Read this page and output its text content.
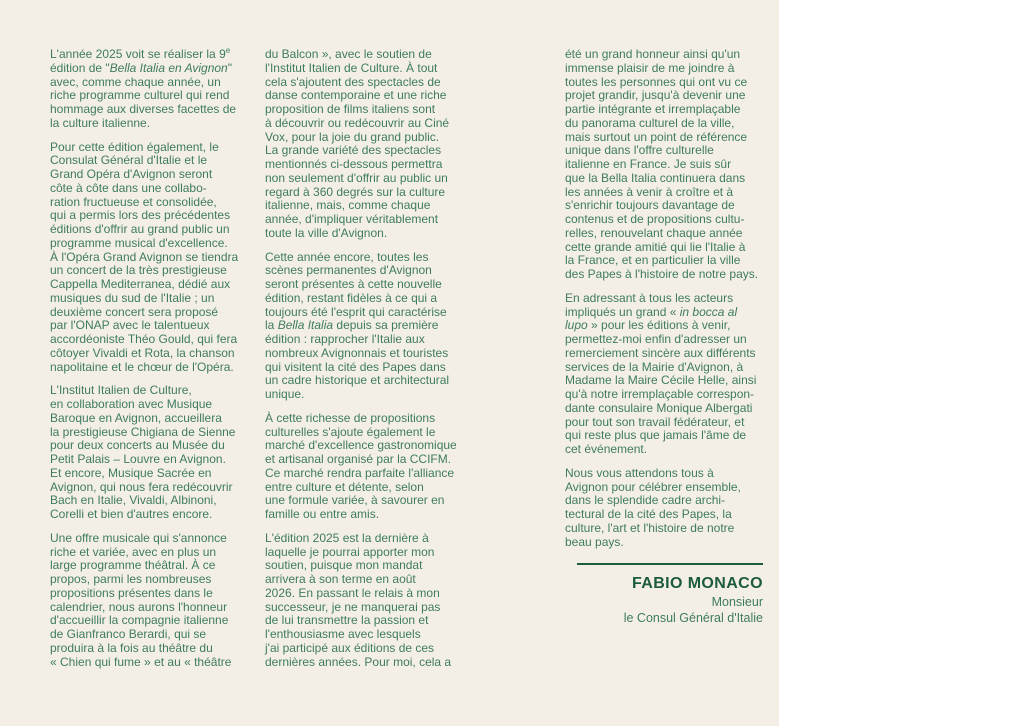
L'année 2025 voit se réaliser la 9e
édition de "Bella Italia en Avignon"
avec, comme chaque année, un
riche programme culturel qui rend
hommage aux diverses facettes de
la culture italienne.

Pour cette édition également, le
Consulat Général d'Italie et le
Grand Opéra d'Avignon seront
côte à côte dans une collabo-
ration fructueuse et consolidée,
qui a permis lors des précédentes
éditions d'offrir au grand public un
programme musical d'excellence.
À l'Opéra Grand Avignon se tiendra
un concert de la très prestigieuse
Cappella Mediterranea, dédié aux
musiques du sud de l'Italie ; un
deuxième concert sera proposé
par l'ONAP avec le talentueux
accordéoniste Théo Gould, qui fera
côtoyer Vivaldi et Rota, la chanson
napolitaine et le chœur de l'Opéra.

L'Institut Italien de Culture,
en collaboration avec Musique
Baroque en Avignon, accueillera
la prestigieuse Chigiana de Sienne
pour deux concerts au Musée du
Petit Palais – Louvre en Avignon.
Et encore, Musique Sacrée en
Avignon, qui nous fera redécouvrir
Bach en Italie, Vivaldi, Albinoni,
Corelli et bien d'autres encore.

Une offre musicale qui s'annonce
riche et variée, avec en plus un
large programme théâtral. À ce
propos, parmi les nombreuses
propositions présentes dans le
calendrier, nous aurons l'honneur
d'accueillir la compagnie italienne
de Gianfranco Berardi, qui se
produira à la fois au théâtre du
« Chien qui fume » et au « théâtre

du Balcon », avec le soutien de
l'Institut Italien de Culture. À tout
cela s'ajoutent des spectacles de
danse contemporaine et une riche
proposition de films italiens sont
à découvrir ou redécouvrir au Ciné
Vox, pour la joie du grand public.
La grande variété des spectacles
mentionnés ci-dessous permettra
non seulement d'offrir au public un
regard à 360 degrés sur la culture
italienne, mais, comme chaque
année, d'impliquer véritablement
toute la ville d'Avignon.

Cette année encore, toutes les
scènes permanentes d'Avignon
seront présentes à cette nouvelle
édition, restant fidèles à ce qui a
toujours été l'esprit qui caractérise
la Bella Italia depuis sa première
édition : rapprocher l'Italie aux
nombreux Avignonnais et touristes
qui visitent la cité des Papes dans
un cadre historique et architectural
unique.

À cette richesse de propositions
culturelles s'ajoute également le
marché d'excellence gastronomique
et artisanal organisé par la CCIFM.
Ce marché rendra parfaite l'alliance
entre culture et détente, selon
une formule variée, à savourer en
famille ou entre amis.

L'édition 2025 est la dernière à
laquelle je pourrai apporter mon
soutien, puisque mon mandat
arrivera à son terme en août
2026. En passant le relais à mon
successeur, je ne manquerai pas
de lui transmettre la passion et
l'enthousiasme avec lesquels
j'ai participé aux éditions de ces
dernières années. Pour moi, cela a

été un grand honneur ainsi qu'un
immense plaisir de me joindre à
toutes les personnes qui ont vu ce
projet grandir, jusqu'à devenir une
partie intégrante et irremplaçable
du panorama culturel de la ville,
mais surtout un point de référence
unique dans l'offre culturelle
italienne en France. Je suis sûr
que la Bella Italia continuera dans
les années à venir à croître et à
s'enrichir toujours davantage de
contenus et de propositions cultu-
relles, renouvelant chaque année
cette grande amitié qui lie l'Italie à
la France, et en particulier la ville
des Papes à l'histoire de notre pays.

En adressant à tous les acteurs
impliqués un grand « in bocca al
lupo » pour les éditions à venir,
permettez-moi enfin d'adresser un
remerciement sincère aux différents
services de la Mairie d'Avignon, à
Madame la Maire Cécile Helle, ainsi
qu'à notre irremplaçable correspon-
dante consulaire Monique Albergati
pour tout son travail fédérateur, et
qui reste plus que jamais l'âme de
cet événement.

Nous vous attendons tous à
Avignon pour célébrer ensemble,
dans le splendide cadre archi-
tectural de la cité des Papes, la
culture, l'art et l'histoire de notre
beau pays.

FABIO MONACO
Monsieur
le Consul Général d'Italie
